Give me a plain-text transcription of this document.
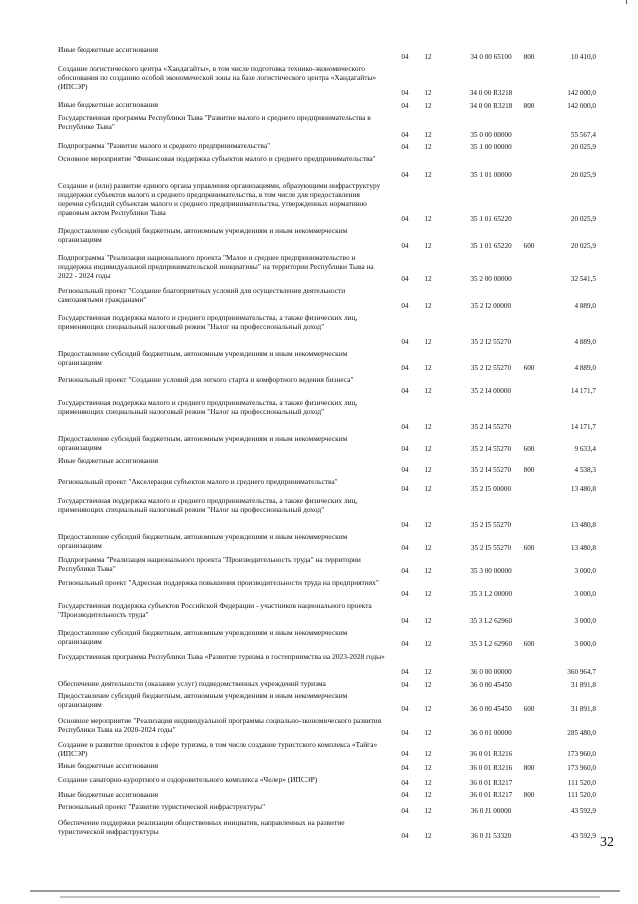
Иные бюджетные ассигнования
04	12	34 0 00 65100	800	10 410,0
Создание логистического центра «Хандагайты», в том числе подготовка технико-экономического обоснования по созданию особой экономической зоны на базе логистического центра «Хандагайты» (ИПСЭР)
04	12	34 0 00 R3218	142 000,0
Иные бюджетные ассигнования	04	12	34 0 00 R3218	800	142 000,0
Государственная программа Республики Тыва "Развитие малого и среднего предпринимательства в Республике Тыва"
04	12	35 0 00 00000	55 567,4
Подпрограмма "Развитие малого и среднего предпринимательства"	04	12	35 1 00 00000	20 025,9
Основное мероприятие "Финансовая поддержка субъектов малого и среднего предпринимательства"
04	12	35 1 01 00000	20 025,9
Создание и (или) развитие единого органа управления организациями, образующими инфраструктуру поддержки субъектов малого и среднего предпринимательства, в том числе для предоставления перечня субсидий субъектам малого и среднего предпринимательства, утвержденных нормативно правовым актом Республики Тыва
04	12	35 1 01 65220	20 025,9
Предоставление субсидий бюджетным, автономным учреждениям и иным некоммерческим организациям
04	12	35 1 01 65220	600	20 025,9
Подпрограмма "Реализация национального проекта "Малое и среднее предпринимательство и поддержка индивидуальной предпринимательской инициативы" на территории Республики Тыва на 2022 - 2024 годы	04	12	35 2 00 00000	32 541,5
Региональный проект "Создание благоприятных условий для осуществления деятельности самозанятыми гражданами"
04	12	35 2 I2 00000	4 889,0
Государственная поддержка малого и среднего предпринимательства, а также физических лиц, применяющих специальный налоговый режим "Налог на профессиональный доход"
04	12	35 2 I2 55270	4 889,0
Предоставление субсидий бюджетным, автономным учреждениям и иным некоммерческим организациям
04	12	35 2 I2 55270	600	4 889,0
Региональный проект "Создание условий для легкого старта и комфортного ведения бизнеса"
04	12	35 2 I4 00000	14 171,7
Государственная поддержка малого и среднего предпринимательства, а также физических лиц, применяющих специальный налоговый режим "Налог на профессиональный доход"
04	12	35 2 I4 55270	14 171,7
Предоставление субсидий бюджетным, автономным учреждениям и иным некоммерческим организациям	04	12	35 2 I4 55270	600	9 633,4
Иные бюджетные ассигнования
04	12	35 2 I4 55270	800	4 538,3
Региональный проект "Акселерация субъектов малого и среднего предпринимательства"
04	12	35 2 I5 00000	13 480,8
Государственная поддержка малого и среднего предпринимательства, а также физических лиц, применяющих специальный налоговый режим "Налог на профессиональный доход"
04	12	35 2 I5 55270	13 480,8
Предоставление субсидий бюджетным, автономным учреждениям и иным некоммерческим организациям	04	12	35 2 I5 55270	600	13 480,8
Подпрограмма "Реализация национального проекта "Производительность труда" на территории Республики Тыва"	04	12	35 3 00 00000	3 000,0
Региональный проект "Адресная поддержка повышения производительности труда на предприятиях"
04	12	35 3 L2 00000	3 000,0
Государственная поддержка субъектов Российской Федерации - участников национального проекта "Производительность труда"
04	12	35 3 L2 62960	3 000,0
Предоставление субсидий бюджетным, автономным учреждениям и иным некоммерческим организациям	04	12	35 3 L2 62960	600	3 000,0
Государственная программа Республики Тыва «Развитие туризма и гостеприимства на 2023-2028 годы»
04	12	36 0 00 00000	360 964,7
Обеспечение деятельности (оказание услуг) подведомственных учреждений туризма	04	12	36 0 00 45450	31 891,8
Предоставление субсидий бюджетным, автономным учреждениям и иным некоммерческим организациям
04	12	36 0 00 45450	600	31 891,8
Основное мероприятие "Реализация индивидуальной программы социально-экономического развития Республики Тыва на 2020-2024 годы"	04	12	36 0 01 00000	285 480,0
Создание и развитие проектов в сфере туризма, в том числе создание туристского комплекса «Тайга» (ИПСЭР)	04	12	36 0 01 R3216	173 960,0
Иные бюджетные ассигнования	04	12	36 0 01 R3216	800	173 960,0
Создание санаторно-курортного и оздоровительного комплекса «Челер» (ИПСЭР)	04	12	36 0 01 R3217	111 520,0
Иные бюджетные ассигнования	04	12	36 0 01 R3217	800	111 520,0
Региональный проект "Развитие туристической инфраструктуры"	04	12	36 0 J1 00000	43 592,9
Обеспечение поддержки реализации общественных инициатив, направленных на развитие туристической инфраструктуры
04	12	36 0 J1 53320	43 592,9 32
